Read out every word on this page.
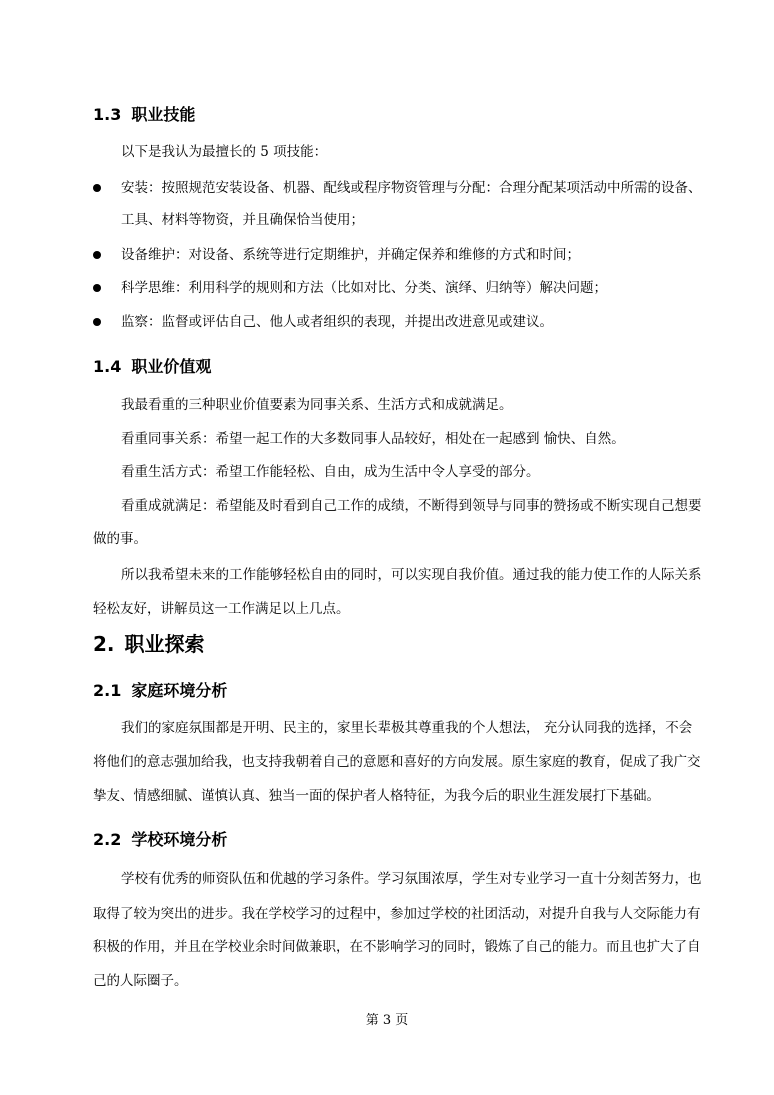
1.3 职业技能
以下是我认为最擅长的 5 项技能：
安装：按照规范安装设备、机器、配线或程序物资管理与分配：合理分配某项活动中所需的设备、
工具、材料等物资，并且确保恰当使用；
设备维护：对设备、系统等进行定期维护，并确定保养和维修的方式和时间；
科学思维：利用科学的规则和方法（比如对比、分类、演绎、归纳等）解决问题；
监察：监督或评估自己、他人或者组织的表现，并提出改进意见或建议。
1.4 职业价值观
我最看重的三种职业价值要素为同事关系、生活方式和成就满足。
看重同事关系：希望一起工作的大多数同事人品较好，相处在一起感到 愉快、自然。
看重生活方式：希望工作能轻松、自由，成为生活中令人享受的部分。
看重成就满足：希望能及时看到自己工作的成绩，不断得到领导与同事的赞扬或不断实现自己想要
做的事。
所以我希望未来的工作能够轻松自由的同时，可以实现自我价值。通过我的能力使工作的人际关系
轻松友好，讲解员这一工作满足以上几点。
2. 职业探索
2.1 家庭环境分析
我们的家庭氛围都是开明、民主的，家里长辈极其尊重我的个人想法， 充分认同我的选择，不会
将他们的意志强加给我，也支持我朝着自己的意愿和喜好的方向发展。原生家庭的教育，促成了我广交
挚友、情感细腻、谨慎认真、独当一面的保护者人格特征，为我今后的职业生涯发展打下基础。
2.2 学校环境分析
学校有优秀的师资队伍和优越的学习条件。学习氛围浓厚，学生对专业学习一直十分刻苦努力，也
取得了较为突出的进步。我在学校学习的过程中，参加过学校的社团活动，对提升自我与人交际能力有
积极的作用，并且在学校业余时间做兼职，在不影响学习的同时，锻炼了自己的能力。而且也扩大了自
己的人际圈子。
第 3 页
